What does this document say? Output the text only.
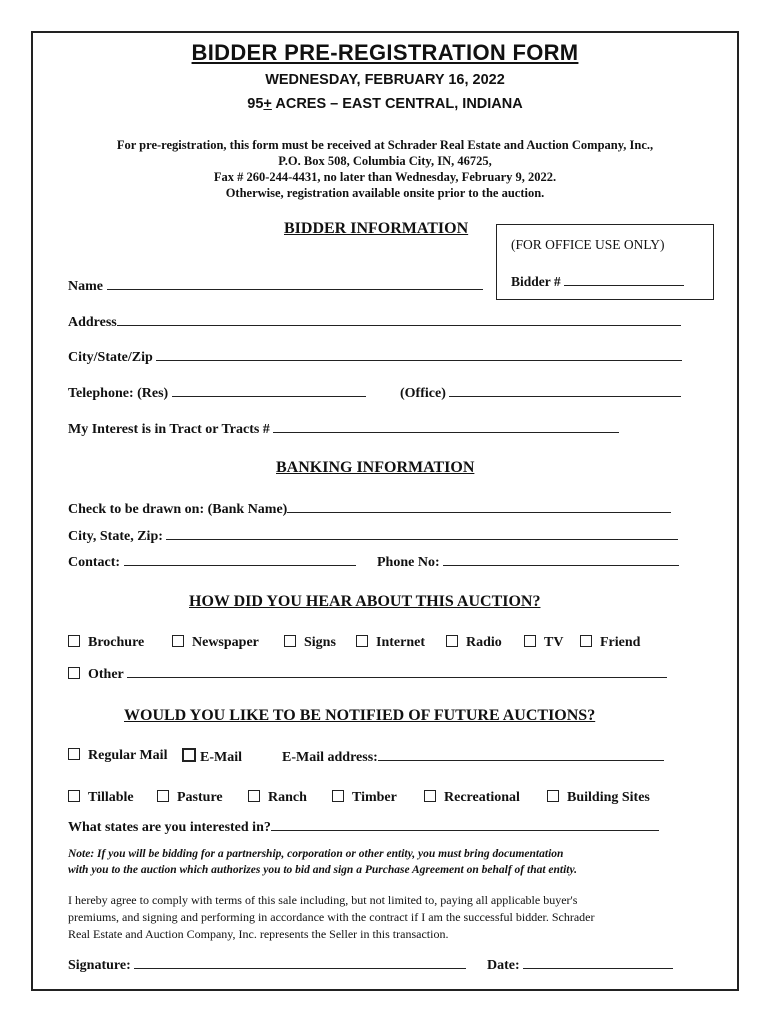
BIDDER PRE-REGISTRATION FORM
WEDNESDAY, FEBRUARY 16, 2022
95+ ACRES – EAST CENTRAL, INDIANA
For pre-registration, this form must be received at Schrader Real Estate and Auction Company, Inc.,
P.O. Box 508, Columbia City, IN, 46725,
Fax # 260-244-4431, no later than Wednesday, February 9, 2022.
Otherwise, registration available onsite prior to the auction.
BIDDER INFORMATION
(FOR OFFICE USE ONLY)
Bidder #
Name
Address
City/State/Zip
Telephone: (Res)	(Office)
My Interest is in Tract or Tracts #
BANKING INFORMATION
Check to be drawn on: (Bank Name)
City, State, Zip:
Contact:	Phone No:
HOW DID YOU HEAR ABOUT THIS AUCTION?
Brochure	Newspaper	Signs	Internet	Radio	TV	Friend
Other
WOULD YOU LIKE TO BE NOTIFIED OF FUTURE AUCTIONS?
Regular Mail	E-Mail	E-Mail address:
Tillable	Pasture	Ranch	Timber	Recreational	Building Sites
What states are you interested in?
Note: If you will be bidding for a partnership, corporation or other entity, you must bring documentation
with you to the auction which authorizes you to bid and sign a Purchase Agreement on behalf of that entity.
I hereby agree to comply with terms of this sale including, but not limited to, paying all applicable buyer's
premiums, and signing and performing in accordance with the contract if I am the successful bidder. Schrader
Real Estate and Auction Company, Inc. represents the Seller in this transaction.
Signature:	Date:
